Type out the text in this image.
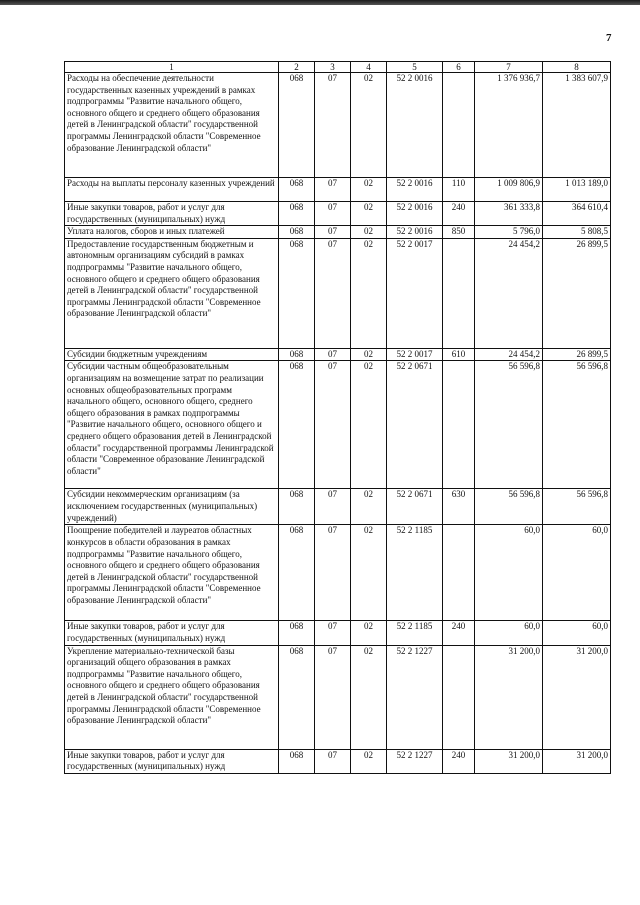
7
1	2	3	4	5	6	7	8
Расходы на обеспечение деятельности государственных казенных учреждений в рамках подпрограммы "Развитие начального общего, основного общего и среднего общего образования детей в Ленинградской области" государственной программы Ленинградской области "Современное образование Ленинградской области"	068	07	02	52 2 0016		1 376 936,7	1 383 607,9
Расходы на выплаты персоналу казенных учреждений	068	07	02	52 2 0016	110	1 009 806,9	1 013 189,0
Иные закупки товаров, работ и услуг для государственных (муниципальных) нужд	068	07	02	52 2 0016	240	361 333,8	364 610,4
Уплата налогов, сборов и иных платежей	068	07	02	52 2 0016	850	5 796,0	5 808,5
Предоставление государственным бюджетным и автономным организациям субсидий в рамках подпрограммы "Развитие начального общего, основного общего и среднего общего образования детей в Ленинградской области" государственной программы Ленинградской области "Современное образование Ленинградской области"	068	07	02	52 2 0017		24 454,2	26 899,5
Субсидии бюджетным учреждениям	068	07	02	52 2 0017	610	24 454,2	26 899,5
Субсидии частным общеобразовательным организациям на возмещение затрат по реализации основных общеобразовательных программ начального общего, основного общего, среднего общего образования в рамках подпрограммы "Развитие начального общего, основного общего и среднего общего образования детей в Ленинградской области" государственной программы Ленинградской области "Современное образование Ленинградской области"	068	07	02	52 2 0671		56 596,8	56 596,8
Субсидии некоммерческим организациям (за исключением государственных (муниципальных) учреждений)	068	07	02	52 2 0671	630	56 596,8	56 596,8
Поощрение победителей и лауреатов областных конкурсов в области образования в рамках подпрограммы "Развитие начального общего, основного общего и среднего общего образования детей в Ленинградской области" государственной программы Ленинградской области "Современное образование Ленинградской области"	068	07	02	52 2 1185		60,0	60,0
Иные закупки товаров, работ и услуг для государственных (муниципальных) нужд	068	07	02	52 2 1185	240	60,0	60,0
Укрепление материально-технической базы организаций общего образования в рамках подпрограммы "Развитие начального общего, основного общего и среднего общего образования детей в Ленинградской области" государственной программы Ленинградской области "Современное образование Ленинградской области"	068	07	02	52 2 1227		31 200,0	31 200,0
Иные закупки товаров, работ и услуг для государственных (муниципальных) нужд	068	07	02	52 2 1227	240	31 200,0	31 200,0
